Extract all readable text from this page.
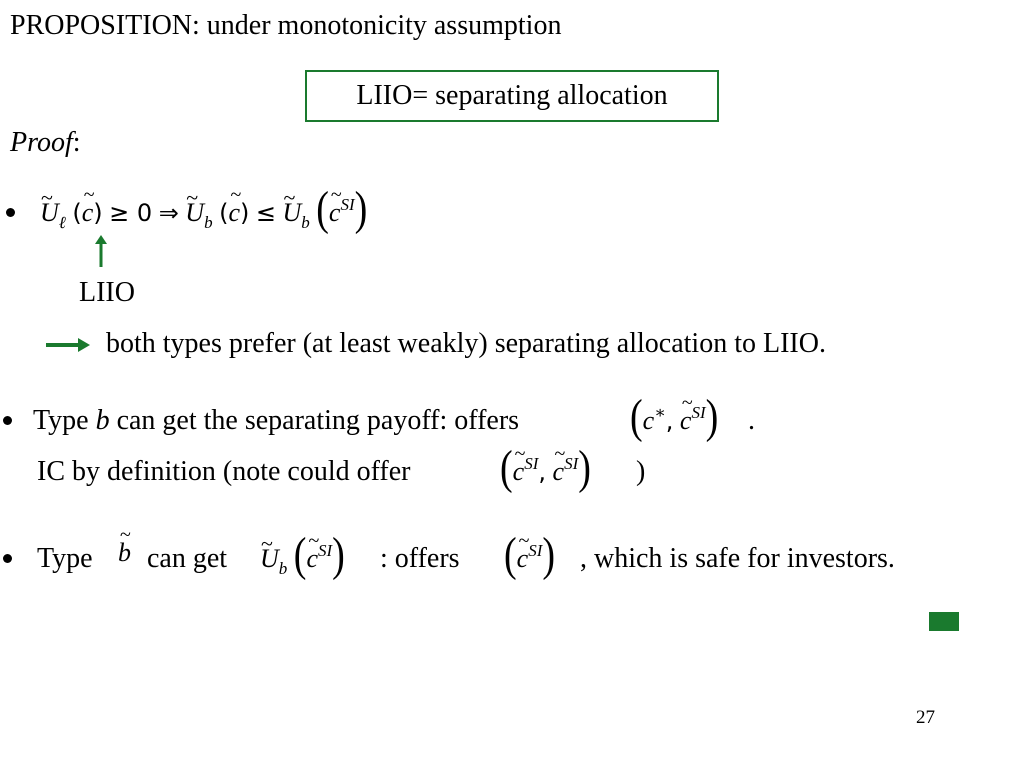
PROPOSITION: under monotonicity assumption
LIIO= separating allocation
Proof:
~ $U_\ell$ (~ c) ≥ 0 ⇒ ~ $U_b$ (~ c) ≤ ~ $U_b$ (~ $c^{SI}$)
LIIO
both types prefer (at least weakly) separating allocation to LIIO.
Type b can get the separating payoff: offers	(c∗, ~ $c^{SI}$) .
IC by definition (note could offer (~ $c^{SI}$, ~ $c^{SI}$) )
Type ~ b can get ~ $U_b$ (~ $c^{SI}$) : offers (~ $c^{SI}$) , which is safe for investors.
27
